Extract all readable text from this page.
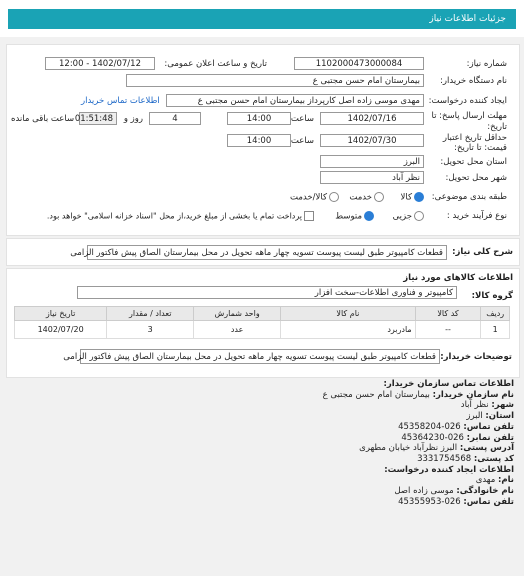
جزئیات اطلاعات نیاز
شماره نیاز:
1102000473000084
تاریخ و ساعت اعلان عمومی:
1402/07/12 - 12:00
نام دستگاه خریدار:
بیمارستان امام حسن مجتبی ع
ایجاد کننده درخواست:
مهدی موسی زاده اصل کارپرداز بیمارستان امام حسن مجتبی ع
اطلاعات تماس خریدار
مهلت ارسال پاسخ: تا
تاریخ:
1402/07/16
ساعت
14:00
4
روز و
01:51:48
ساعت باقی مانده
حداقل تاریخ اعتبار
قیمت: تا تاریخ:
1402/07/30
ساعت
14:00
استان محل تحویل:
البرز
شهر محل تحویل:
نظر آباد
طبقه بندی موضوعی:
کالا
خدمت
کالا/خدمت
نوع فرآیند خرید :
جزیی
متوسط
پرداخت تمام یا بخشی از مبلغ خرید،از محل "اسناد خزانه اسلامی" خواهد بود.
شرح کلی نیاز:
قطعات کامپیوتر طبق لیست پیوست تسویه چهار ماهه تحویل در محل بیمارستان الصاق پیش فاکتور الزامی
اطلاعات کالاهای مورد نیاز
گروه کالا:
کامپیوتر و فناوری اطلاعات-سخت افزار
ردیف	کد کالا	نام کالا	واحد شمارش	تعداد / مقدار	تاریخ نیاز
1	--	مادربرد	عدد	3	1402/07/20
توضیحات خریدار:
قطعات کامپیوتر طبق لیست پیوست تسویه چهار ماهه تحویل در محل بیمارستان الصاق پیش فاکتور الزامی
اطلاعات تماس سازمان خریدار:
نام سازمان خریدار: بیمارستان امام حسن مجتبی ع
شهر: نظر آباد
استان: البرز
تلفن تماس: 026-45358204
تلفن نمابر: 026-45364230
آدرس پستی: البرز نظرآباد خیابان مطهری
کد پستی: 3331754568
اطلاعات ایجاد کننده درخواست:
نام: مهدی
نام خانوادگی: موسی زاده اصل
تلفن تماس: 026-45355953
